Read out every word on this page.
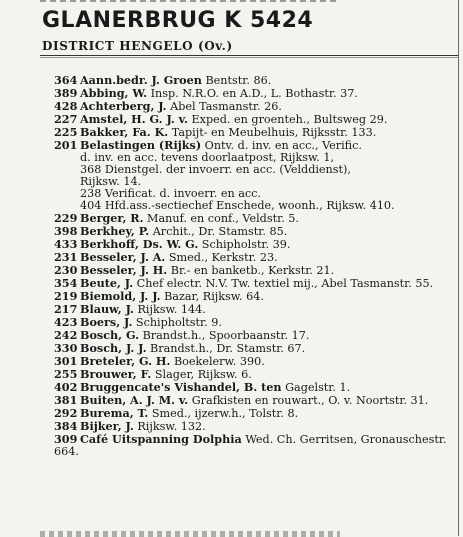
GLANERBRUG K 5424
DISTRICT HENGELO (Ov.)
364 Aann.bedr. J. Groen Bentstr. 86.
389 Abbing, W. Insp. N.R.O. en A.D., L. Bothastr. 37.
428 Achterberg, J. Abel Tasmanstr. 26.
227 Amstel, H. G. J. v. Exped. en groenteh., Bultsweg 29.
225 Bakker, Fa. K. Tapijt- en Meubelhuis, Rijksstr. 133.
201 Belastingen (Rijks) Ontv. d. inv. en acc., Verific.
d. inv. en acc. tevens doorlaatpost, Rijksw. 1,
368 Dienstgel. der invoerr. en acc. (Velddienst),
Rijksw. 14.
238 Verificat. d. invoerr. en acc.
404 Hfd.ass.-sectiechef Enschede, woonh., Rijksw. 410.
229 Berger, R. Manuf. en conf., Veldstr. 5.
398 Berkhey, P. Archit., Dr. Stamstr. 85.
433 Berkhoff, Ds. W. G. Schipholstr. 39.
231 Besseler, J. A. Smed., Kerkstr. 23.
230 Besseler, J. H. Br.- en banketb., Kerkstr. 21.
354 Beute, J. Chef electr. N.V. Tw. textiel mij., Abel Tasmanstr. 55.
219 Biemold, J. J. Bazar, Rijksw. 64.
217 Blauw, J. Rijksw. 144.
423 Boers, J. Schipholtstr. 9.
242 Bosch, G. Brandst.h., Spoorbaanstr. 17.
330 Bosch, J. J. Brandst.h., Dr. Stamstr. 67.
301 Breteler, G. H. Boekelerw. 390.
255 Brouwer, F. Slager, Rijksw. 6.
402 Bruggencate's Vishandel, B. ten Gagelstr. 1.
381 Buiten, A. J. M. v. Grafkisten en rouwart., O. v. Noortstr. 31.
292 Burema, T. Smed., ijzerw.h., Tolstr. 8.
384 Bijker, J. Rijksw. 132.
309 Café Uitspanning Dolphia Wed. Ch. Gerritsen, Gronauschestr. 664.
